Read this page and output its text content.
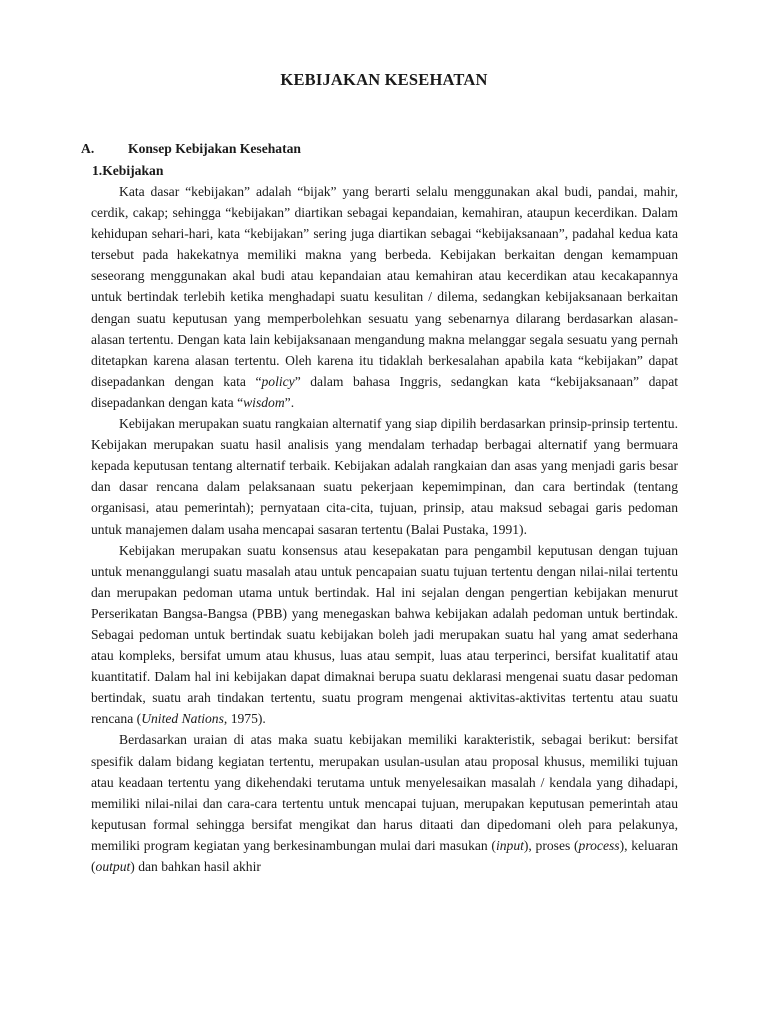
KEBIJAKAN KESEHATAN
A. Konsep Kebijakan Kesehatan
1.Kebijakan

Kata dasar “kebijakan” adalah “bijak” yang berarti selalu menggunakan akal budi, pandai, mahir, cerdik, cakap; sehingga “kebijakan” diartikan sebagai kepandaian, kemahiran, ataupun kecerdikan. Dalam kehidupan sehari-hari, kata “kebijakan” sering juga diartikan sebagai “kebijaksanaan”, padahal kedua kata tersebut pada hakekatnya memiliki makna yang berbeda. Kebijakan berkaitan dengan kemampuan seseorang menggunakan akal budi atau kepandaian atau kemahiran atau kecerdikan atau kecakapannya untuk bertindak terlebih ketika menghadapi suatu kesulitan / dilema, sedangkan kebijaksanaan berkaitan dengan suatu keputusan yang memperbolehkan sesuatu yang sebenarnya dilarang berdasarkan alasan-alasan tertentu. Dengan kata lain kebijaksanaan mengandung makna melanggar segala sesuatu yang pernah ditetapkan karena alasan tertentu. Oleh karena itu tidaklah berkesalahan apabila kata “kebijakan” dapat disepadankan dengan kata “policy” dalam bahasa Inggris, sedangkan kata “kebijaksanaan” dapat disepadankan dengan kata “wisdom”.

Kebijakan merupakan suatu rangkaian alternatif yang siap dipilih berdasarkan prinsip-prinsip tertentu. Kebijakan merupakan suatu hasil analisis yang mendalam terhadap berbagai alternatif yang bermuara kepada keputusan tentang alternatif terbaik. Kebijakan adalah rangkaian dan asas yang menjadi garis besar dan dasar rencana dalam pelaksanaan suatu pekerjaan kepemimpinan, dan cara bertindak (tentang organisasi, atau pemerintah); pernyataan cita-cita, tujuan, prinsip, atau maksud sebagai garis pedoman untuk manajemen dalam usaha mencapai sasaran tertentu (Balai Pustaka, 1991).

Kebijakan merupakan suatu konsensus atau kesepakatan para pengambil keputusan dengan tujuan untuk menanggulangi suatu masalah atau untuk pencapaian suatu tujuan tertentu dengan nilai-nilai tertentu dan merupakan pedoman utama untuk bertindak. Hal ini sejalan dengan pengertian kebijakan menurut Perserikatan Bangsa-Bangsa (PBB) yang menegaskan bahwa kebijakan adalah pedoman untuk bertindak. Sebagai pedoman untuk bertindak suatu kebijakan boleh jadi merupakan suatu hal yang amat sederhana atau kompleks, bersifat umum atau khusus, luas atau sempit, luas atau terperinci, bersifat kualitatif atau kuantitatif. Dalam hal ini kebijakan dapat dimaknai berupa suatu deklarasi mengenai suatu dasar pedoman bertindak, suatu arah tindakan tertentu, suatu program mengenai aktivitas-aktivitas tertentu atau suatu rencana (United Nations, 1975).

Berdasarkan uraian di atas maka suatu kebijakan memiliki karakteristik, sebagai berikut: bersifat spesifik dalam bidang kegiatan tertentu, merupakan usulan-usulan atau proposal khusus, memiliki tujuan atau keadaan tertentu yang dikehendaki terutama untuk menyelesaikan masalah / kendala yang dihadapi, memiliki nilai-nilai dan cara-cara tertentu untuk mencapai tujuan, merupakan keputusan pemerintah atau keputusan formal sehingga bersifat mengikat dan harus ditaati dan dipedomani oleh para pelakunya, memiliki program kegiatan yang berkesinambungan mulai dari masukan (input), proses (process), keluaran (output) dan bahkan hasil akhir
